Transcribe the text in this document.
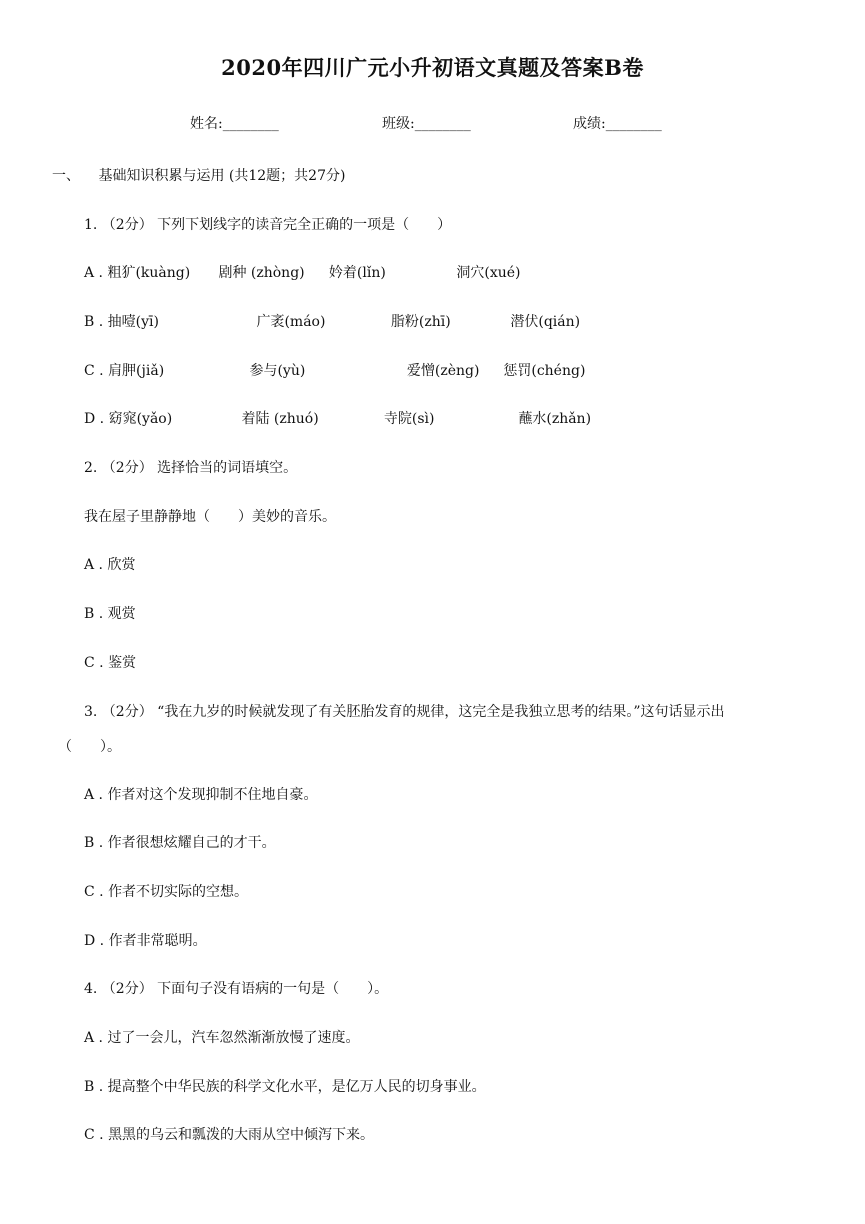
2020年四川广元小升初语文真题及答案B卷
姓名:________	班级:________	成绩:________
一、 基础知识积累与运用 (共12题；共27分)
1. （2分） 下列下划线字的读音完全正确的一项是（　　）
A . 粗犷(kuàng) 剧种 (zhòng) 妗着(lǐn)	洞穴(xué)
B . 抽噎(yī)	广袤(máo)	脂粉(zhī)	潜伏(qián)
C . 肩胛(jiǎ)	参与(yù)	爱憎(zèng) 惩罚(chéng)
D . 窈窕(yǎo)	着陆 (zhuó)	寺院(sì)	蘸水(zhǎn)
2. （2分） 选择恰当的词语填空。
我在屋子里静静地（　　）美妙的音乐。
A . 欣赏
B . 观赏
C . 鉴赏
3. （2分） “我在九岁的时候就发现了有关胚胎发育的规律，这完全是我独立思考的结果。”这句话显示出
（　　）。
A . 作者对这个发现抑制不住地自豪。
B . 作者很想炫耀自己的才干。
C . 作者不切实际的空想。
D . 作者非常聪明。
4. （2分） 下面句子没有语病的一句是（　　）。
A . 过了一会儿，汽车忽然渐渐放慢了速度。
B . 提高整个中华民族的科学文化水平，是亿万人民的切身事业。
C . 黑黑的乌云和瓢泼的大雨从空中倾泻下来。
